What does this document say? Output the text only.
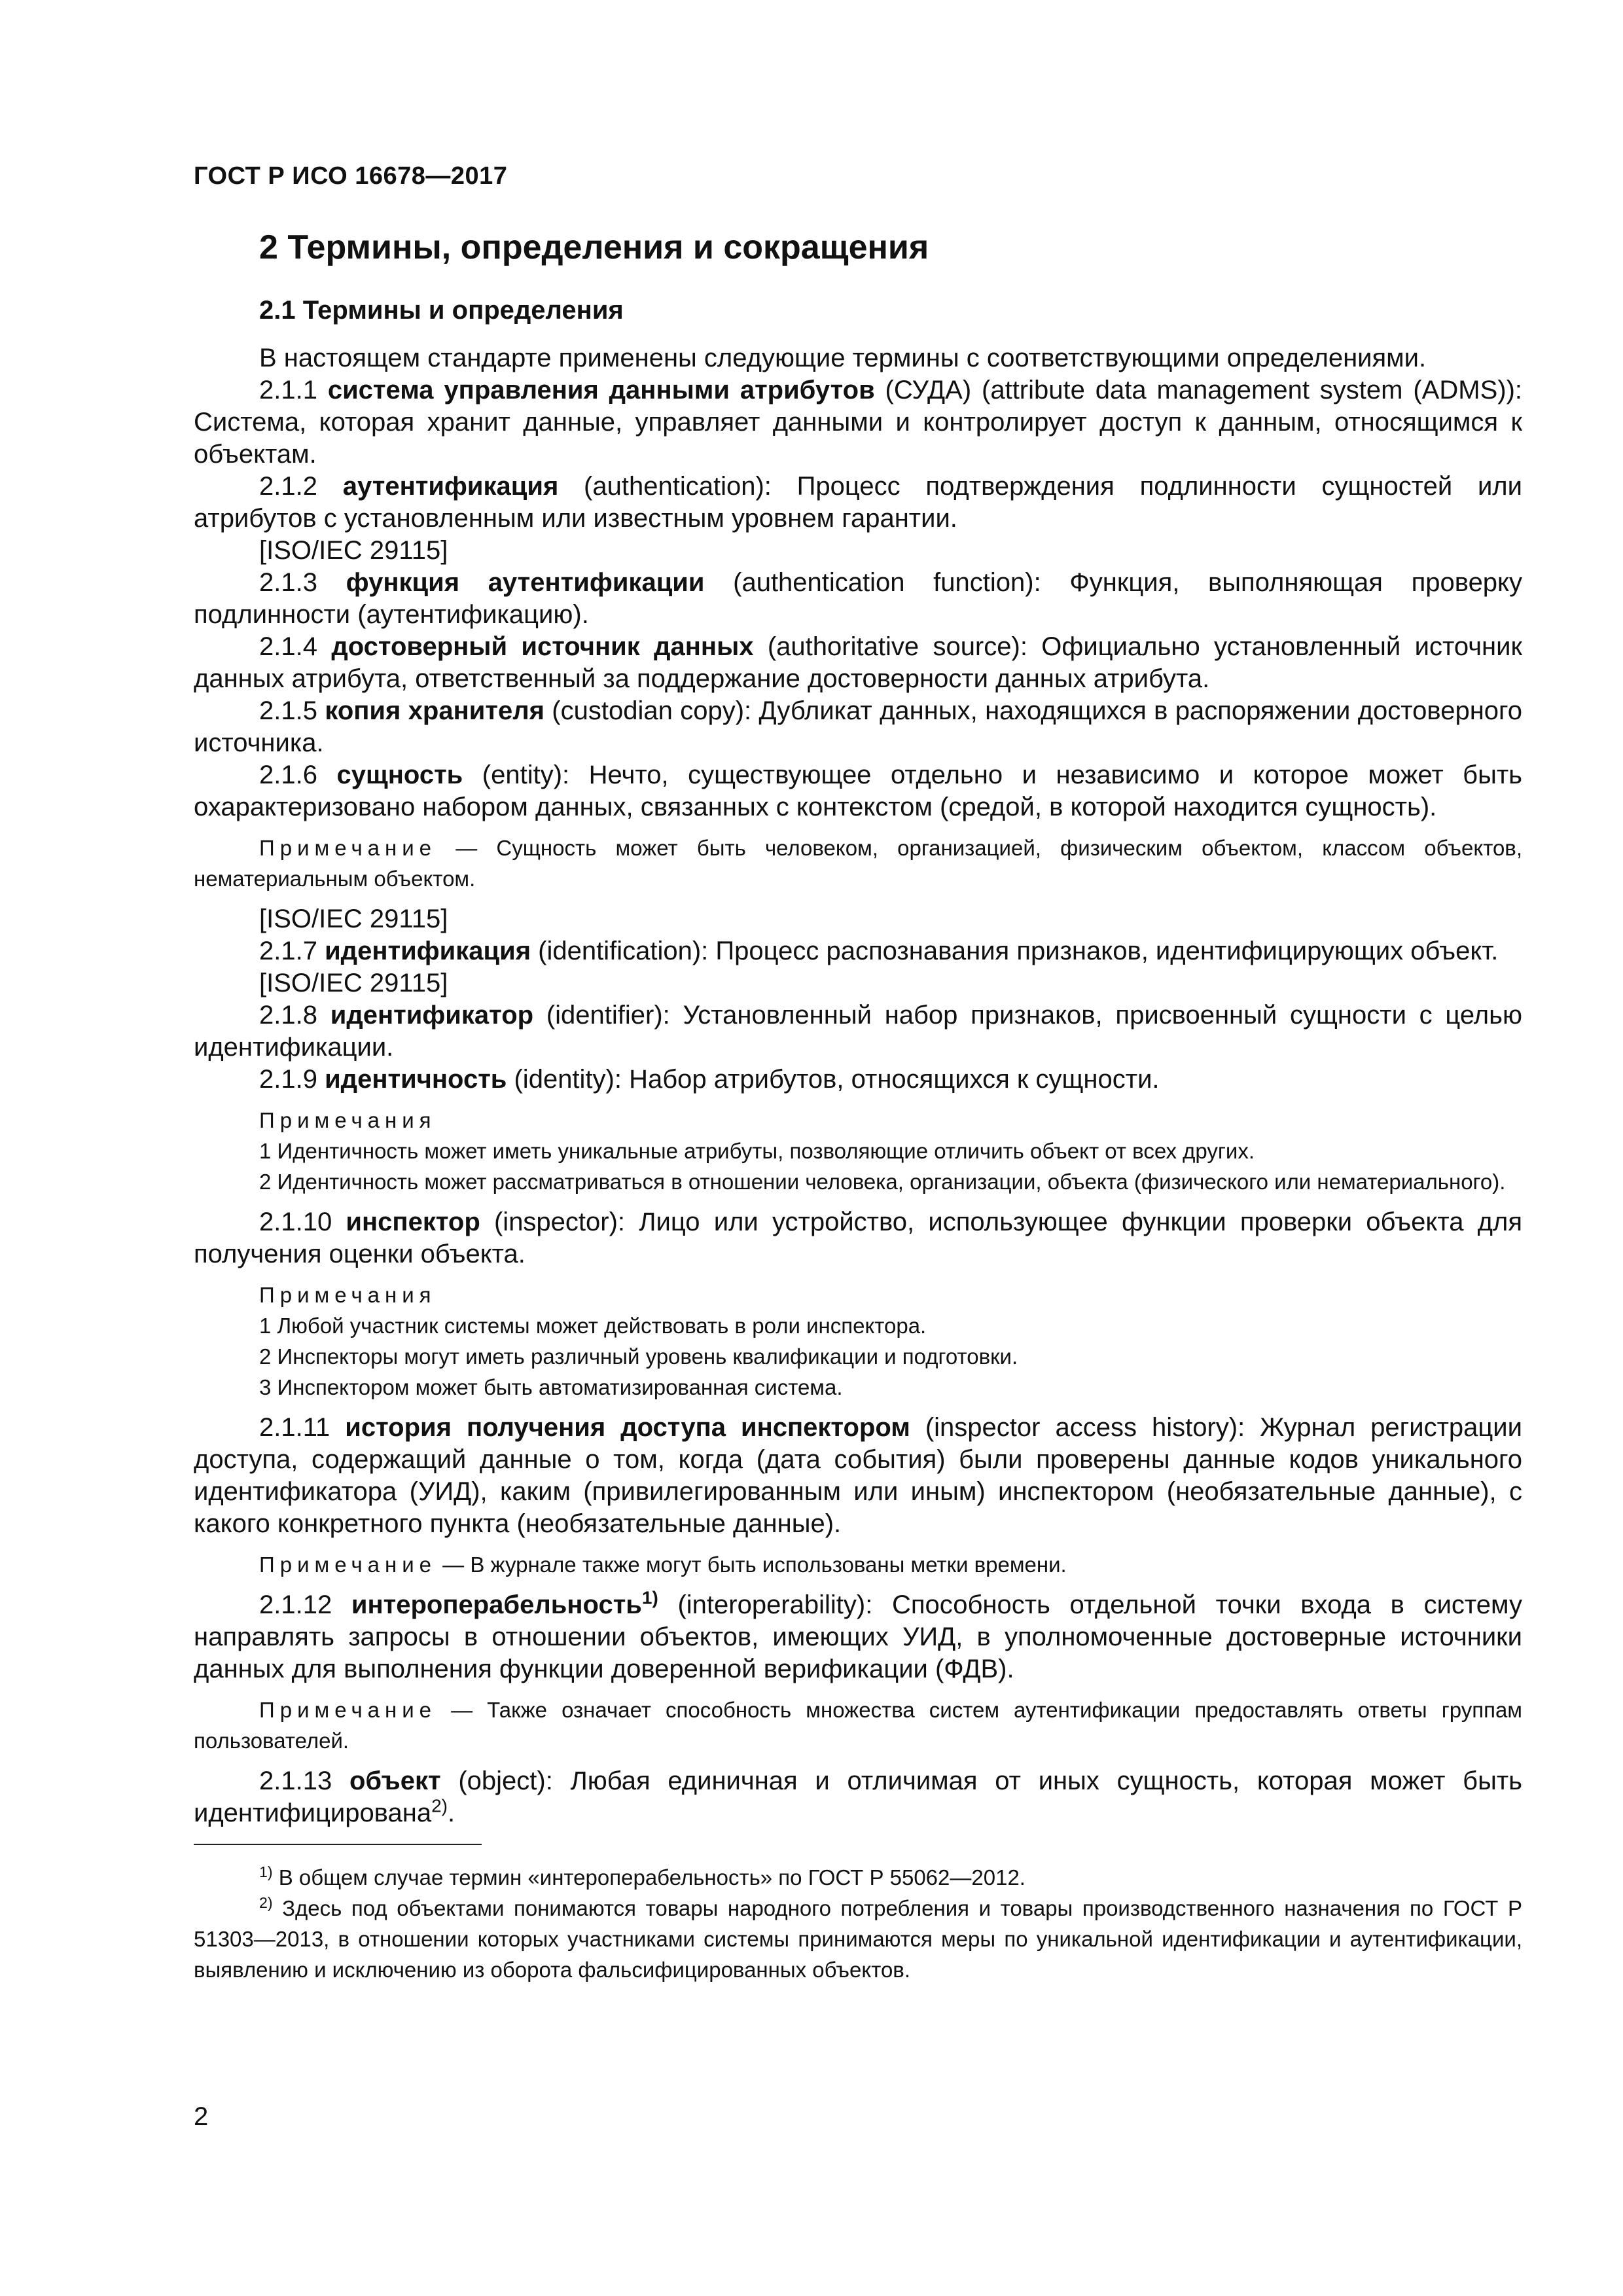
ГОСТ Р ИСО 16678—2017
2 Термины, определения и сокращения
2.1 Термины и определения

В настоящем стандарте применены следующие термины с соответствующими определениями.

2.1.1 система управления данными атрибутов (СУДА) (attribute data management system (ADMS)): Система, которая хранит данные, управляет данными и контролирует доступ к данным, относящимся к объектам.

2.1.2 аутентификация (authentication): Процесс подтверждения подлинности сущностей или атрибутов с установленным или известным уровнем гарантии.

[ISO/IEC 29115]

2.1.3 функция аутентификации (authentication function): Функция, выполняющая проверку подлинности (аутентификацию).

2.1.4 достоверный источник данных (authoritative source): Официально установленный источник данных атрибута, ответственный за поддержание достоверности данных атрибута.

2.1.5 копия хранителя (custodian copy): Дубликат данных, находящихся в распоряжении достоверного источника.

2.1.6 сущность (entity): Нечто, существующее отдельно и независимо и которое может быть охарактеризовано набором данных, связанных с контекстом (средой, в которой находится сущность).

Примечание — Сущность может быть человеком, организацией, физическим объектом, классом объектов, нематериальным объектом.

[ISO/IEC 29115]

2.1.7 идентификация (identification): Процесс распознавания признаков, идентифицирующих объект.

[ISO/IEC 29115]

2.1.8 идентификатор (identifier): Установленный набор признаков, присвоенный сущности с целью идентификации.

2.1.9 идентичность (identity): Набор атрибутов, относящихся к сущности.

Примечания

1 Идентичность может иметь уникальные атрибуты, позволяющие отличить объект от всех других.

2 Идентичность может рассматриваться в отношении человека, организации, объекта (физического или нематериального).

2.1.10 инспектор (inspector): Лицо или устройство, использующее функции проверки объекта для получения оценки объекта.

Примечания

1 Любой участник системы может действовать в роли инспектора.

2 Инспекторы могут иметь различный уровень квалификации и подготовки.

3 Инспектором может быть автоматизированная система.

2.1.11 история получения доступа инспектором (inspector access history): Журнал регистрации доступа, содержащий данные о том, когда (дата события) были проверены данные кодов уникального идентификатора (УИД), каким (привилегированным или иным) инспектором (необязательные данные), с какого конкретного пункта (необязательные данные).

Примечание — В журнале также могут быть использованы метки времени.

2.1.12 интероперабельность$^{1)}$ (interoperability): Способность отдельной точки входа в систему направлять запросы в отношении объектов, имеющих УИД, в уполномоченные достоверные источники данных для выполнения функции доверенной верификации (ФДВ).

Примечание — Также означает способность множества систем аутентификации предоставлять ответы группам пользователей.

2.1.13 объект (object): Любая единичная и отличимая от иных сущность, которая может быть идентифицирована$^{2)}$.

$^{1)}$ В общем случае термин «интероперабельность» по ГОСТ Р 55062—2012.

$^{2)}$ Здесь под объектами понимаются товары народного потребления и товары производственного назначения по ГОСТ Р 51303—2013, в отношении которых участниками системы принимаются меры по уникальной идентификации и аутентификации, выявлению и исключению из оборота фальсифицированных объектов.

2
